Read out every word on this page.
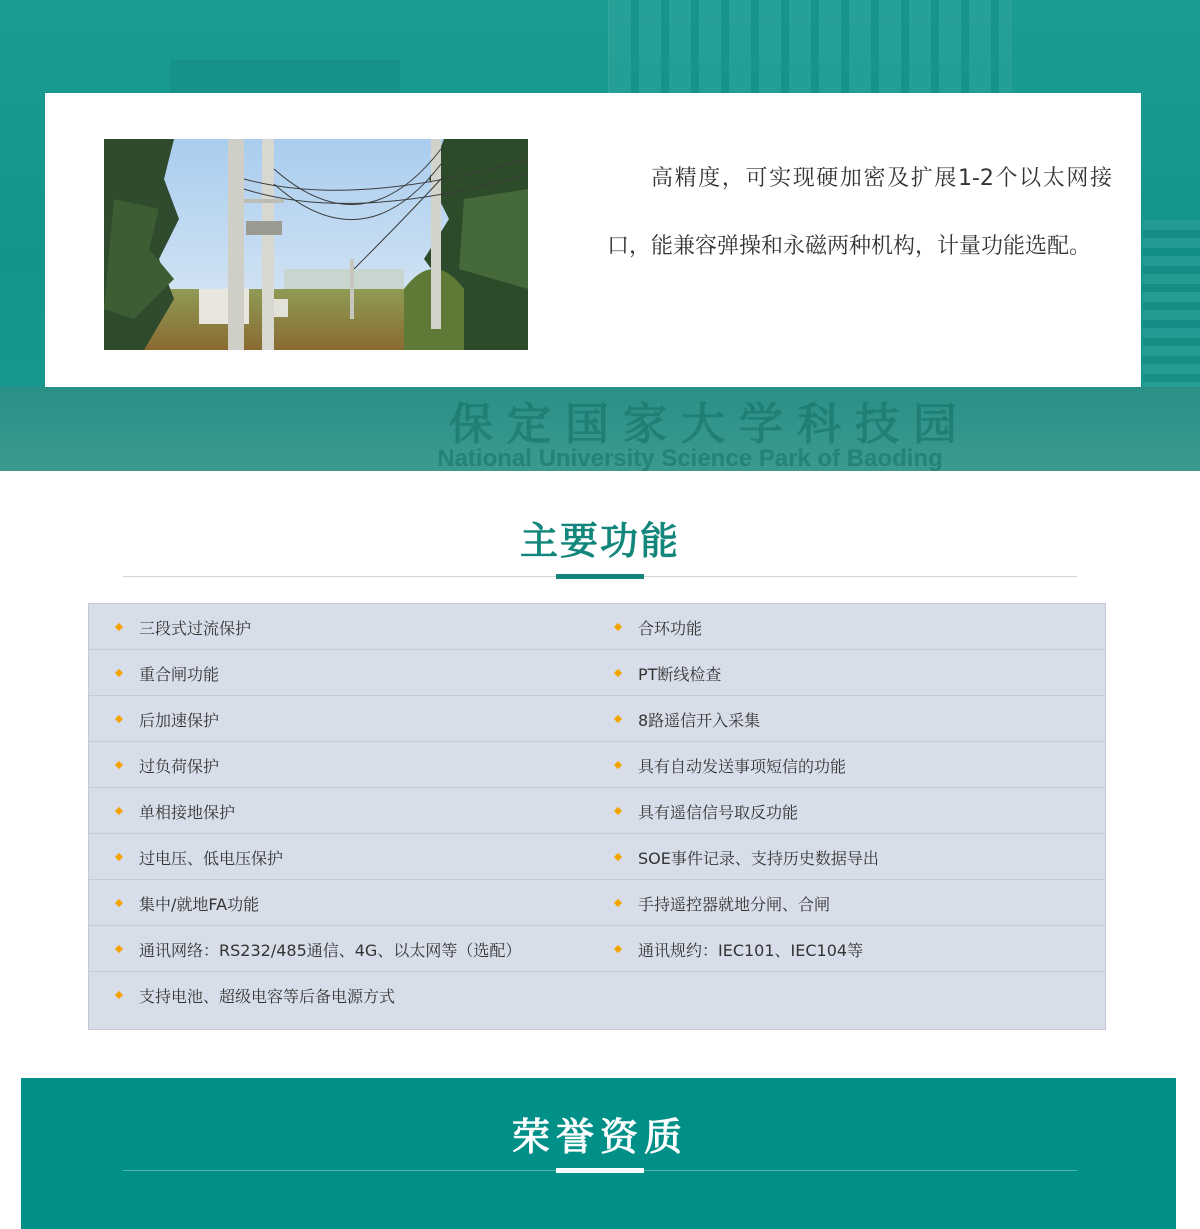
保定国家大学科技园
National University Science Park of Baoding

高精度，可实现硬加密及扩展1-2个以太网接口，能兼容弹操和永磁两种机构，计量功能选配。

主要功能
三段式过流保护	合环功能
重合闸功能	PT断线检查
后加速保护	8路遥信开入采集
过负荷保护	具有自动发送事项短信的功能
单相接地保护	具有遥信信号取反功能
过电压、低电压保护	SOE事件记录、支持历史数据导出
集中/就地FA功能	手持遥控器就地分闸、合闸
通讯网络：RS232/485通信、4G、以太网等（选配）	通讯规约：IEC101、IEC104等
支持电池、超级电容等后备电源方式
荣誉资质
